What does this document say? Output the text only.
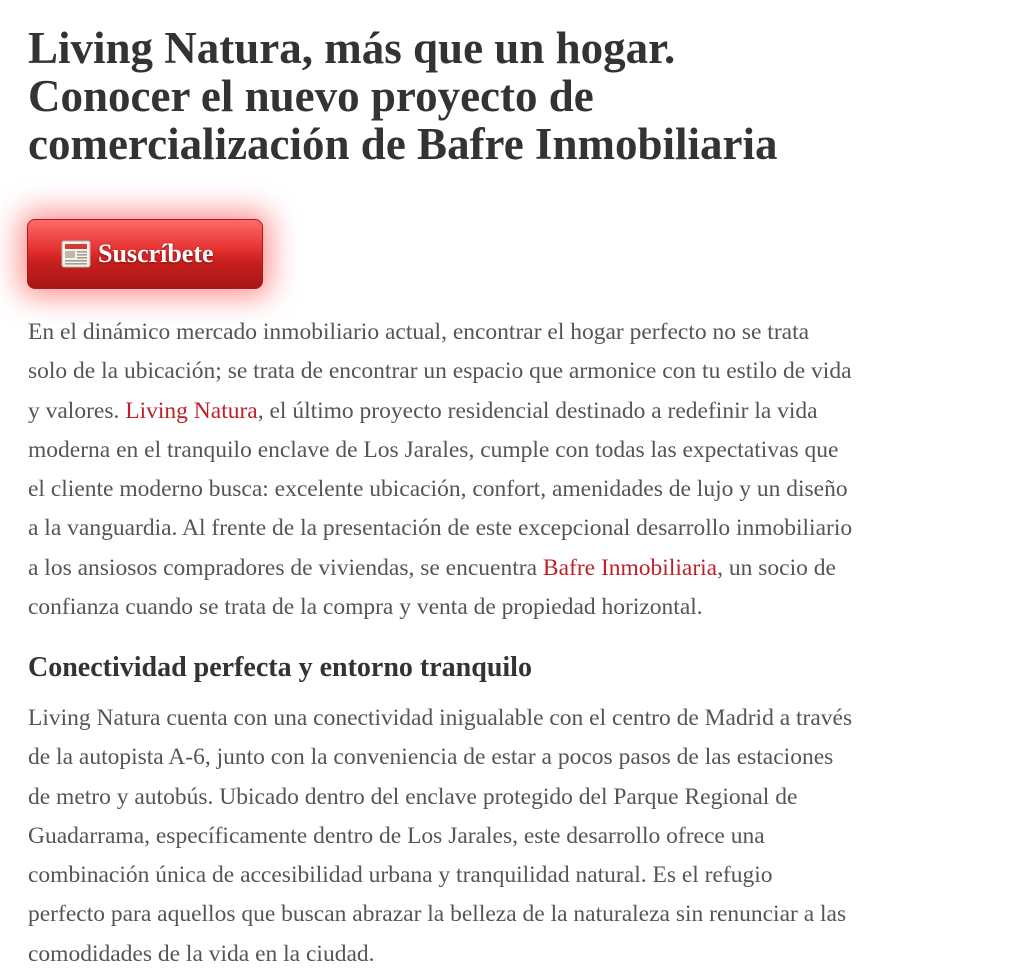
Living Natura, más que un hogar.
Conocer el nuevo proyecto de
comercialización de Bafre Inmobiliaria
Suscríbete

En el dinámico mercado inmobiliario actual, encontrar el hogar perfecto no se trata
solo de la ubicación; se trata de encontrar un espacio que armonice con tu estilo de vida
y valores. Living Natura, el último proyecto residencial destinado a redefinir la vida
moderna en el tranquilo enclave de Los Jarales, cumple con todas las expectativas que
el cliente moderno busca: excelente ubicación, confort, amenidades de lujo y un diseño
a la vanguardia. Al frente de la presentación de este excepcional desarrollo inmobiliario
a los ansiosos compradores de viviendas, se encuentra Bafre Inmobiliaria, un socio de
confianza cuando se trata de la compra y venta de propiedad horizontal.

Conectividad perfecta y entorno tranquilo

Living Natura cuenta con una conectividad inigualable con el centro de Madrid a través
de la autopista A-6, junto con la conveniencia de estar a pocos pasos de las estaciones
de metro y autobús. Ubicado dentro del enclave protegido del Parque Regional de
Guadarrama, específicamente dentro de Los Jarales, este desarrollo ofrece una
combinación única de accesibilidad urbana y tranquilidad natural. Es el refugio
perfecto para aquellos que buscan abrazar la belleza de la naturaleza sin renunciar a las
comodidades de la vida en la ciudad.
